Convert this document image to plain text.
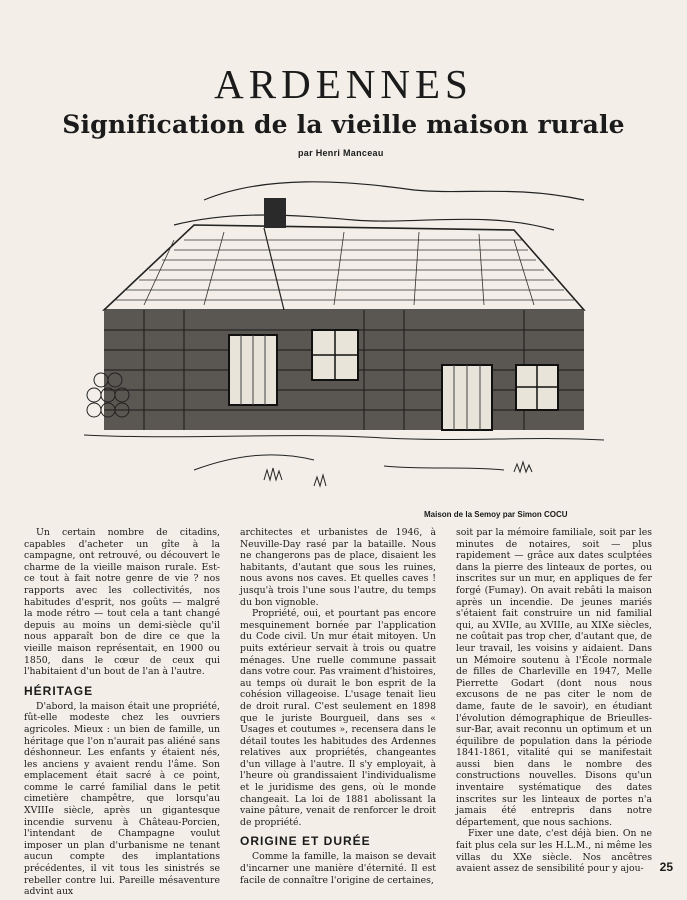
ARDENNES
Signification de la vieille maison rurale
par Henri Manceau
Maison de la Semoy par Simon COCU

Un certain nombre de citadins, capables d'acheter un gîte à la campagne, ont retrouvé, ou découvert le charme de la vieille maison rurale. Est-ce tout à fait notre genre de vie ? nos rapports avec les collectivités, nos habitudes d'esprit, nos goûts — malgré la mode rétro — tout cela a tant changé depuis au moins un demi-siècle qu'il nous apparaît bon de dire ce que la vieille maison représentait, en 1900 ou 1850, dans le cœur de ceux qui l'habitaient d'un bout de l'an à l'autre.

HÉRITAGE

D'abord, la maison était une propriété, fût-elle modeste chez les ouvriers agricoles. Mieux : un bien de famille, un héritage que l'on n'aurait pas aliéné sans déshonneur. Les enfants y étaient nés, les anciens y avaient rendu l'âme. Son emplacement était sacré à ce point, comme le carré familial dans le petit cimetière champêtre, que lorsqu'au XVIIIe siècle, après un gigantesque incendie survenu à Château-Porcien, l'intendant de Champagne voulut imposer un plan d'urbanisme ne tenant aucun compte des implantations précédentes, il vit tous les sinistrés se rebeller contre lui. Pareille mésaventure advint aux

architectes et urbanistes de 1946, à Neuville-Day rasé par la bataille. Nous ne changerons pas de place, disaient les habitants, d'autant que sous les ruines, nous avons nos caves. Et quelles caves ! jusqu'à trois l'une sous l'autre, du temps du bon vignoble.

Propriété, oui, et pourtant pas encore mesquinement bornée par l'application du Code civil. Un mur était mitoyen. Un puits extérieur servait à trois ou quatre ménages. Une ruelle commune passait dans votre cour. Pas vraiment d'histoires, au temps où durait le bon esprit de la cohésion villageoise. L'usage tenait lieu de droit rural. C'est seulement en 1898 que le juriste Bourgueil, dans ses « Usages et coutumes », recensera dans le détail toutes les habitudes des Ardennes relatives aux propriétés, changeantes d'un village à l'autre. Il s'y employait, à l'heure où grandissaient l'individualisme et le juridisme des gens, où le monde changeait. La loi de 1881 abolissant la vaine pâture, venait de renforcer le droit de propriété.

ORIGINE ET DURÉE

Comme la famille, la maison se devait d'incarner une manière d'éternité. Il est facile de connaître l'origine de certaines,

soit par la mémoire familiale, soit par les minutes de notaires, soit — plus rapidement — grâce aux dates sculptées dans la pierre des linteaux de portes, ou inscrites sur un mur, en appliques de fer forgé (Fumay). On avait rebâti la maison après un incendie. De jeunes mariés s'étaient fait construire un nid familial qui, au XVIIe, au XVIIIe, au XIXe siècles, ne coûtait pas trop cher, d'autant que, de leur travail, les voisins y aidaient. Dans un Mémoire soutenu à l'École normale de filles de Charleville en 1947, Melle Pierrette Godart (dont nous nous excusons de ne pas citer le nom de dame, faute de le savoir), en étudiant l'évolution démographique de Brieulles-sur-Bar, avait reconnu un optimum et un équilibre de population dans la période 1841-1861, vitalité qui se manifestait aussi bien dans le nombre des constructions nouvelles. Disons qu'un inventaire systématique des dates inscrites sur les linteaux de portes n'a jamais été entrepris dans notre département, que nous sachions.

Fixer une date, c'est déjà bien. On ne fait plus cela sur les H.L.M., ni même les villas du XXe siècle. Nos ancêtres avaient assez de sensibilité pour y ajou-	25
